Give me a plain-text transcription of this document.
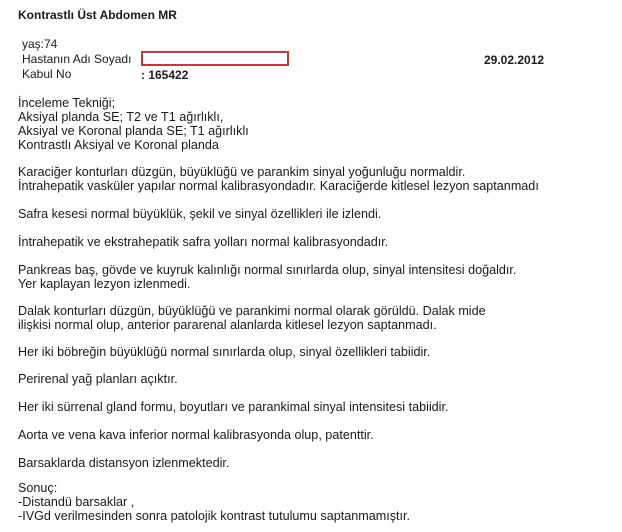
Kontrastlı Üst Abdomen MR
yaş:74
Hastanın Adı Soyadı	29.02.2012
Kabul No	: 165422
İnceleme Tekniği;
Aksiyal planda SE; T2 ve T1 ağırlıklı,
Aksiyal ve Koronal planda SE; T1 ağırlıklı
Kontrastlı Aksiyal ve Koronal planda
Karaciğer konturları düzgün, büyüklüğü ve parankim sinyal yoğunluğu normaldir.
İntrahepatik vasküler yapılar normal kalibrasyondadır. Karaciğerde kitlesel lezyon saptanmadı
Safra kesesi normal büyüklük, şekil ve sinyal özellikleri ile izlendi.
İntrahepatik ve ekstrahepatik safra yolları normal kalibrasyondadır.
Pankreas baş, gövde ve kuyruk kalınlığı normal sınırlarda olup, sinyal intensitesi doğaldır.
Yer kaplayan lezyon izlenmedi.
Dalak konturları düzgün, büyüklüğü ve parankimi normal olarak görüldü. Dalak mide
ilişkisi normal olup, anterior pararenal alanlarda kitlesel lezyon saptanmadı.
Her iki böbreğin büyüklüğü normal sınırlarda olup, sinyal özellikleri tabiidir.
Perirenal yağ planları açıktır.
Her iki sürrenal gland formu, boyutları ve parankimal sinyal intensitesi tabiidir.
Aorta ve vena kava inferior normal kalibrasyonda olup, patenttir.
Barsaklarda distansyon izlenmektedir.
Sonuç:
-Distandü barsaklar ,
-IVGd verilmesinden sonra patolojik kontrast tutulumu saptanmamıştır.
